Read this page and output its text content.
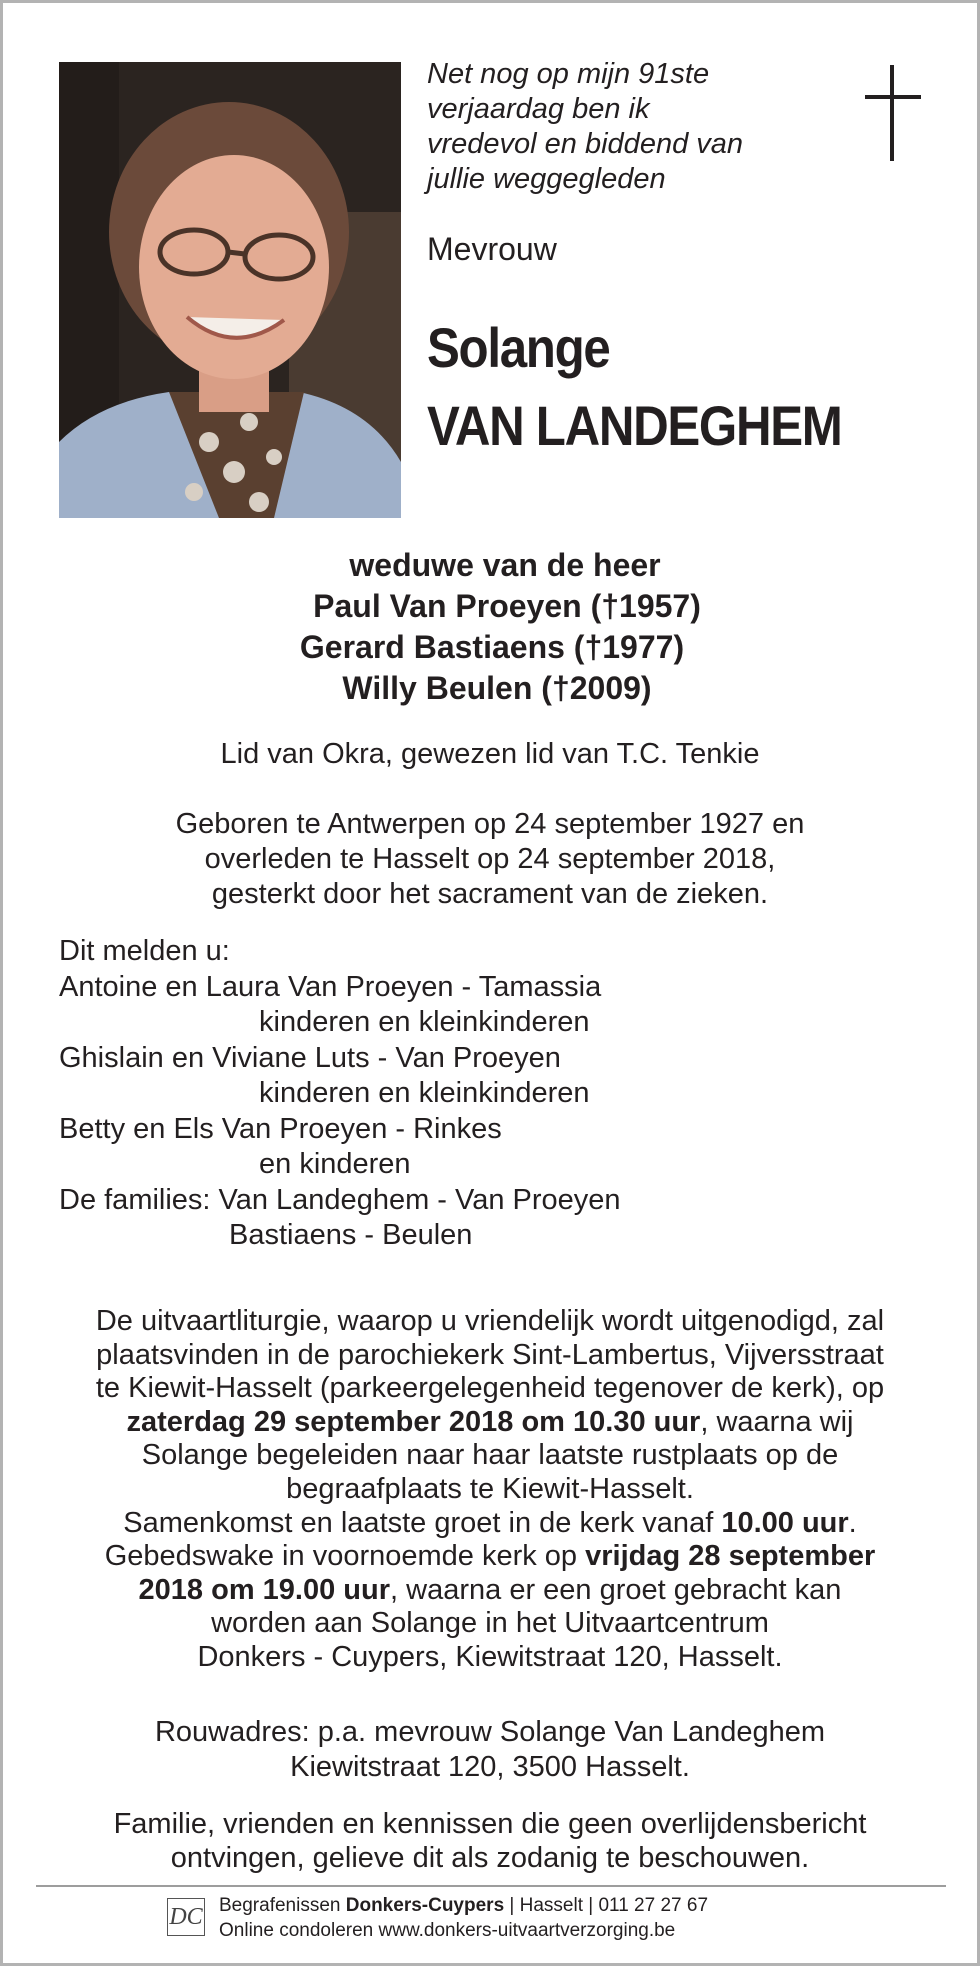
Net nog op mijn 91ste
verjaardag ben ik
vredevol en biddend van
jullie weggegleden
Mevrouw
Solange
VAN LANDEGHEM
weduwe van de heer
Paul Van Proeyen (†1957)
Gerard Bastiaens (†1977)
Willy Beulen (†2009)
Lid van Okra, gewezen lid van T.C. Tenkie
Geboren te Antwerpen op 24 september 1927 en
overleden te Hasselt op 24 september 2018,
gesterkt door het sacrament van de zieken.
Dit melden u:
Antoine en Laura Van Proeyen - Tamassia
kinderen en kleinkinderen
Ghislain en Viviane Luts - Van Proeyen
kinderen en kleinkinderen
Betty en Els Van Proeyen - Rinkes
en kinderen
De families: Van Landeghem - Van Proeyen
Bastiaens - Beulen
De uitvaartliturgie, waarop u vriendelijk wordt uitgenodigd, zal
plaatsvinden in de parochiekerk Sint-Lambertus, Vijversstraat
te Kiewit-Hasselt (parkeergelegenheid tegenover de kerk), op
zaterdag 29 september 2018 om 10.30 uur, waarna wij
Solange begeleiden naar haar laatste rustplaats op de
begraafplaats te Kiewit-Hasselt.
Samenkomst en laatste groet in de kerk vanaf 10.00 uur.
Gebedswake in voornoemde kerk op vrijdag 28 september
2018 om 19.00 uur, waarna er een groet gebracht kan
worden aan Solange in het Uitvaartcentrum
Donkers - Cuypers, Kiewitstraat 120, Hasselt.
Rouwadres: p.a. mevrouw Solange Van Landeghem
Kiewitstraat 120, 3500 Hasselt.
Familie, vrienden en kennissen die geen overlijdensbericht
ontvingen, gelieve dit als zodanig te beschouwen.
DC Begrafenissen Donkers-Cuypers | Hasselt | 011 27 27 67
Online condoleren www.donkers-uitvaartverzorging.be
